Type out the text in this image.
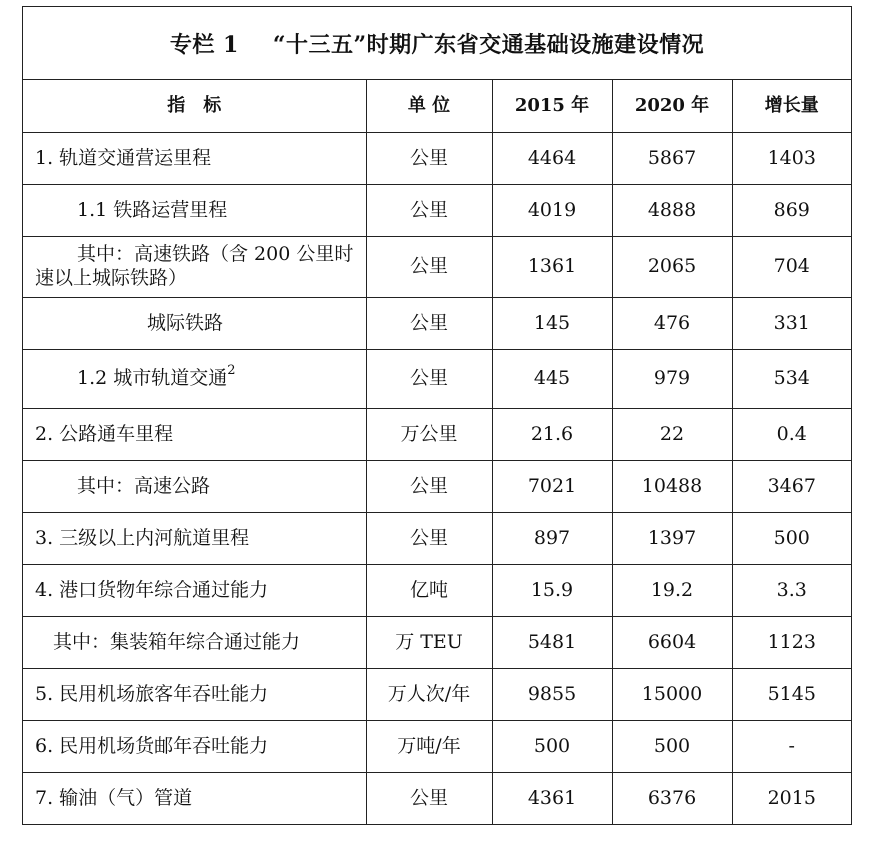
专栏 1 “十三五”时期广东省交通基础设施建设情况
指　标	单 位	2015 年	2020 年	增长量
1. 轨道交通营运里程	公里	4464	5867	1403
1.1 铁路运营里程	公里	4019	4888	869
其中：高速铁路（含 200 公里时速以上城际铁路）	公里	1361	2065	704
城际铁路	公里	145	476	331
1.2 城市轨道交通$^2$	公里	445	979	534
2. 公路通车里程	万公里	21.6	22	0.4
其中：高速公路	公里	7021	10488	3467
3. 三级以上内河航道里程	公里	897	1397	500
4. 港口货物年综合通过能力	亿吨	15.9	19.2	3.3
其中：集装箱年综合通过能力	万 TEU	5481	6604	1123
5. 民用机场旅客年吞吐能力	万人次/年	9855	15000	5145
6. 民用机场货邮年吞吐能力	万吨/年	500	500	-
7. 输油（气）管道	公里	4361	6376	2015
